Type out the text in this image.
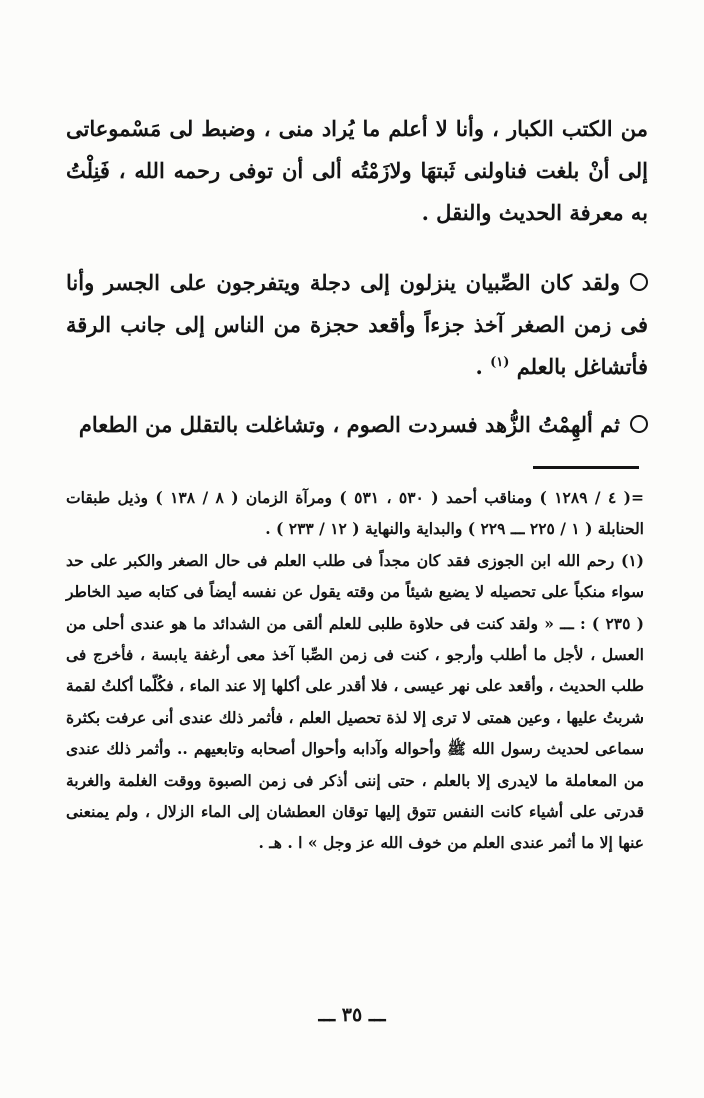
من الكتب الكبار ، وأنا لا أعلم ما يُراد منى ، وضبط لى مَسْموعاتى إلى أنْ بلغت فناولنى ثَبتهَا ولازَمْتُه ألى أن توفى رحمه الله ، فَنِلْتُ به معرفة الحديث والنقل .

ولقد كان الصِّبيان ينزلون إلى دجلة ويتفرجون على الجسر وأنا فى زمن الصغر آخذ جزءاً وأقعد حجزة من الناس إلى جانب الرقة فأتشاغل بالعلم $^{(١)}$ .

ثم ألهِمْتُ الزُّهد فسردت الصوم ، وتشاغلت بالتقلل من الطعام

=( ٤ / ١٢٨٩ ) ومناقب أحمد ( ٥٣٠ ، ٥٣١ ) ومرآة الزمان ( ٨ / ١٣٨ ) وذيل طبقات الحنابلة ( ١ / ٢٢٥ ـــ ٢٢٩ ) والبداية والنهاية ( ١٢ / ٢٣٣ ) .

(١) رحم الله ابن الجوزى فقد كان مجداً فى طلب العلم فى حال الصغر والكبر على حد سواء منكباً على تحصيله لا يضيع شيئاً من وقته يقول عن نفسه أيضاً فى كتابه صيد الخاطر ( ٢٣٥ ) : ـــ « ولقد كنت فى حلاوة طلبى للعلم ألقى من الشدائد ما هو عندى أحلى من العسل ، لأجل ما أطلب وأرجو ، كنت فى زمن الصِّبا آخذ معى أرغفة يابسة ، فأخرج فى طلب الحديث ، وأقعد على نهر عيسى ، فلا أقدر على أكلها إلا عند الماء ، فكُلّما أكلتُ لقمة شربتُ عليها ، وعين همتى لا ترى إلا لذة تحصيل العلم ، فأثمر ذلك عندى أنى عرفت بكثرة سماعى لحديث رسول الله ﷺ وأحواله وآدابه وأحوال أصحابه وتابعيهم .. وأثمر ذلك عندى من المعاملة ما لايدرى إلا بالعلم ، حتى إننى أذكر فى زمن الصبوة ووقت الغلمة والغربة قدرتى على أشياء كانت النفس تتوق إليها توقان العطشان إلى الماء الزلال ، ولم يمنعنى عنها إلا ما أثمر عندى العلم من خوف الله عز وجل » ا . هـ .

ـــ ٣٥ ـــ
